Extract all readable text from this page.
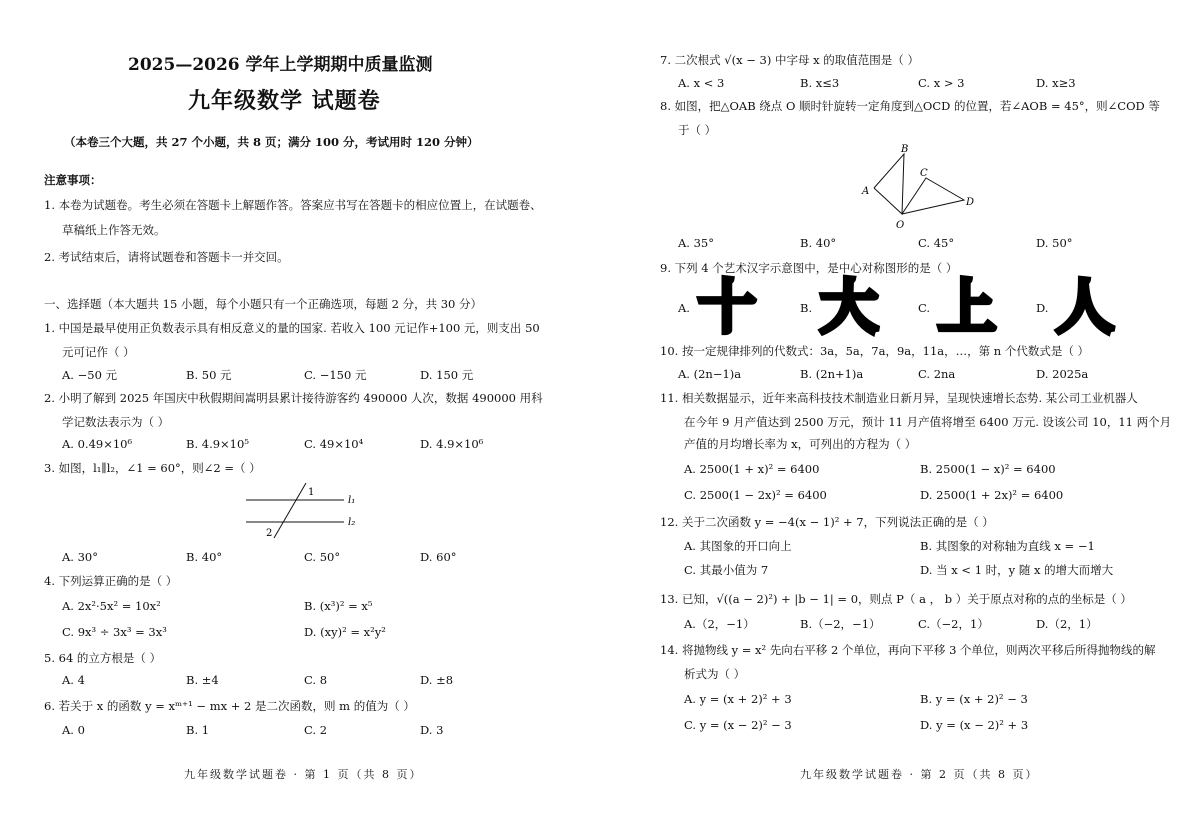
2025—2026 学年上学期期中质量监测
九年级数学 试题卷
（本卷三个大题，共 27 个小题，共 8 页；满分 100 分，考试用时 120 分钟）
注意事项：
1. 本卷为试题卷。考生必须在答题卡上解题作答。答案应书写在答题卡的相应位置上，在试题卷、
草稿纸上作答无效。
2. 考试结束后，请将试题卷和答题卡一并交回。
一、选择题（本大题共 15 小题，每个小题只有一个正确选项，每题 2 分，共 30 分）
1. 中国是最早使用正负数表示具有相反意义的量的国家. 若收入 100 元记作+100 元，则支出 50
元可记作（ ）
A. −50 元	B. 50 元	C. −150 元	D. 150 元
2. 小明了解到 2025 年国庆中秋假期间嵩明县累计接待游客约 490000 人次，数据 490000 用科
学记数法表示为（ ）
A. 0.49×10⁶	B. 4.9×10⁵	C. 49×10⁴	D. 4.9×10⁶
3. 如图，l₁∥l₂，∠1 = 60°，则∠2 =（ ）
1
2
l₁
l₂
A. 30°	B. 40°	C. 50°	D. 60°
4. 下列运算正确的是（ ）
A. 2x²·5x² = 10x²	B. (x³)² = x⁵
C. 9x³ ÷ 3x³ = 3x³	D. (xy)² = x²y²
5. 64 的立方根是（ ）
A. 4	B. ±4	C. 8	D. ±8
6. 若关于 x 的函数 y = xᵐ⁺¹ − mx + 2 是二次函数，则 m 的值为（ ）
A. 0	B. 1	C. 2	D. 3
九年级数学试题卷 · 第 1 页（共 8 页）
7. 二次根式 √(x − 3) 中字母 x 的取值范围是（ ）
A. x < 3	B. x≤3	C. x > 3	D. x≥3
8. 如图，把△OAB 绕点 O 顺时针旋转一定角度到△OCD 的位置，若∠AOB = 45°，则∠COD 等
于（ ）
A
B
C
D
O
A. 35°	B. 40°	C. 45°	D. 50°
9. 下列 4 个艺术汉字示意图中，是中心对称图形的是（ ）
A. 十	B. 大	C. 上	D. 人
10. 按一定规律排列的代数式：3a，5a，7a，9a，11a，…，第 n 个代数式是（ ）
A. (2n−1)a	B. (2n+1)a	C. 2na	D. 2025a
11. 相关数据显示，近年来高科技技术制造业日新月异，呈现快速增长态势. 某公司工业机器人
在今年 9 月产值达到 2500 万元，预计 11 月产值将增至 6400 万元. 设该公司 10，11 两个月
产值的月均增长率为 x，可列出的方程为（ ）
A. 2500(1 + x)² = 6400	B. 2500(1 − x)² = 6400
C. 2500(1 − 2x)² = 6400	D. 2500(1 + 2x)² = 6400
12. 关于二次函数 y = −4(x − 1)² + 7，下列说法正确的是（ ）
A. 其图象的开口向上	B. 其图象的对称轴为直线 x = −1
C. 其最小值为 7	D. 当 x < 1 时，y 随 x 的增大而增大
13. 已知，√((a − 2)²) + |b − 1| = 0，则点 P（ a ， b ）关于原点对称的点的坐标是（ ）
A.（2，−1）	B.（−2，−1）	C.（−2，1）	D.（2，1）
14. 将抛物线 y = x² 先向右平移 2 个单位，再向下平移 3 个单位，则两次平移后所得抛物线的解
析式为（ ）
A. y = (x + 2)² + 3	B. y = (x + 2)² − 3
C. y = (x − 2)² − 3	D. y = (x − 2)² + 3
九年级数学试题卷 · 第 2 页（共 8 页）
